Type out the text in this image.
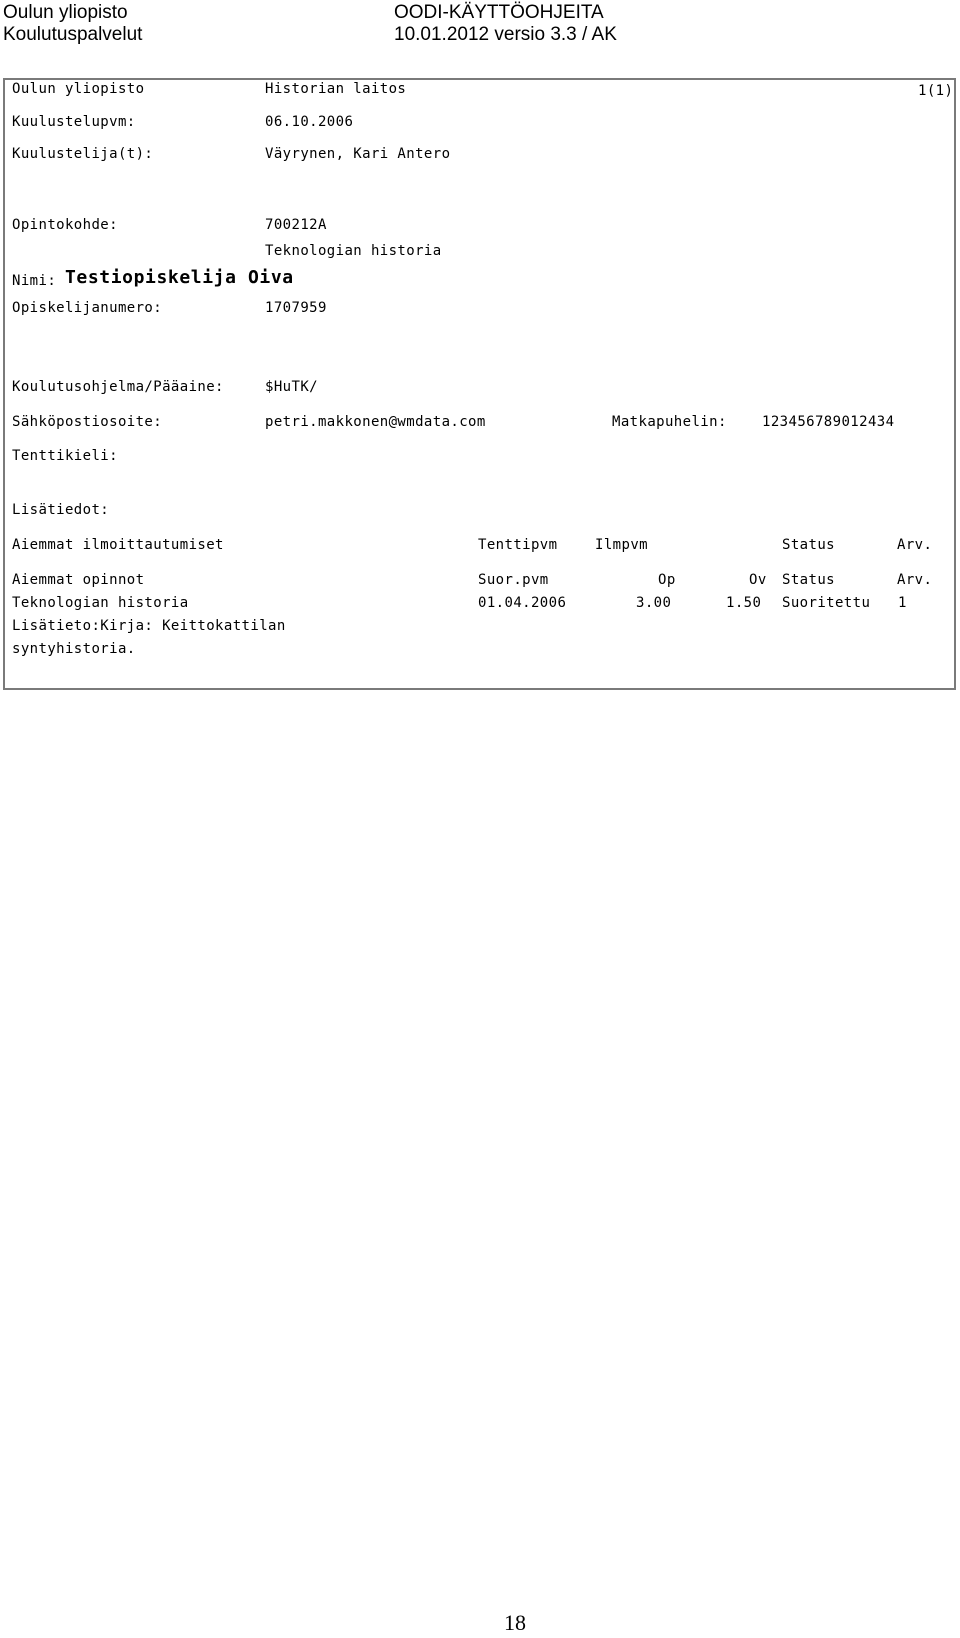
Oulun yliopisto
Koulutuspalvelut
OODI-KÄYTTÖOHJEITA
10.01.2012 versio 3.3 / AK
Oulun yliopisto	Historian laitos	1(1)
Kuulustelupvm:	06.10.2006
Kuulustelija(t):	Väyrynen, Kari Antero
Opintokohde:	700212A
Teknologian historia
Nimi: Testiopiskelija Oiva
Opiskelijanumero:	1707959
Koulutusohjelma/Pääaine:	$HuTK/
Sähköpostiosoite:	petri.makkonen@wmdata.com	Matkapuhelin:	123456789012434
Tenttikieli:
Lisätiedot:
Aiemmat ilmoittautumiset	Tenttipvm	Ilmpvm	Status	Arv.
Aiemmat opinnot	Suor.pvm	Op	Ov Status	Arv.
Teknologian historia	01.04.2006	3.00	1.50 Suoritettu 1
Lisätieto:Kirja: Keittokattilan
syntyhistoria.
18
